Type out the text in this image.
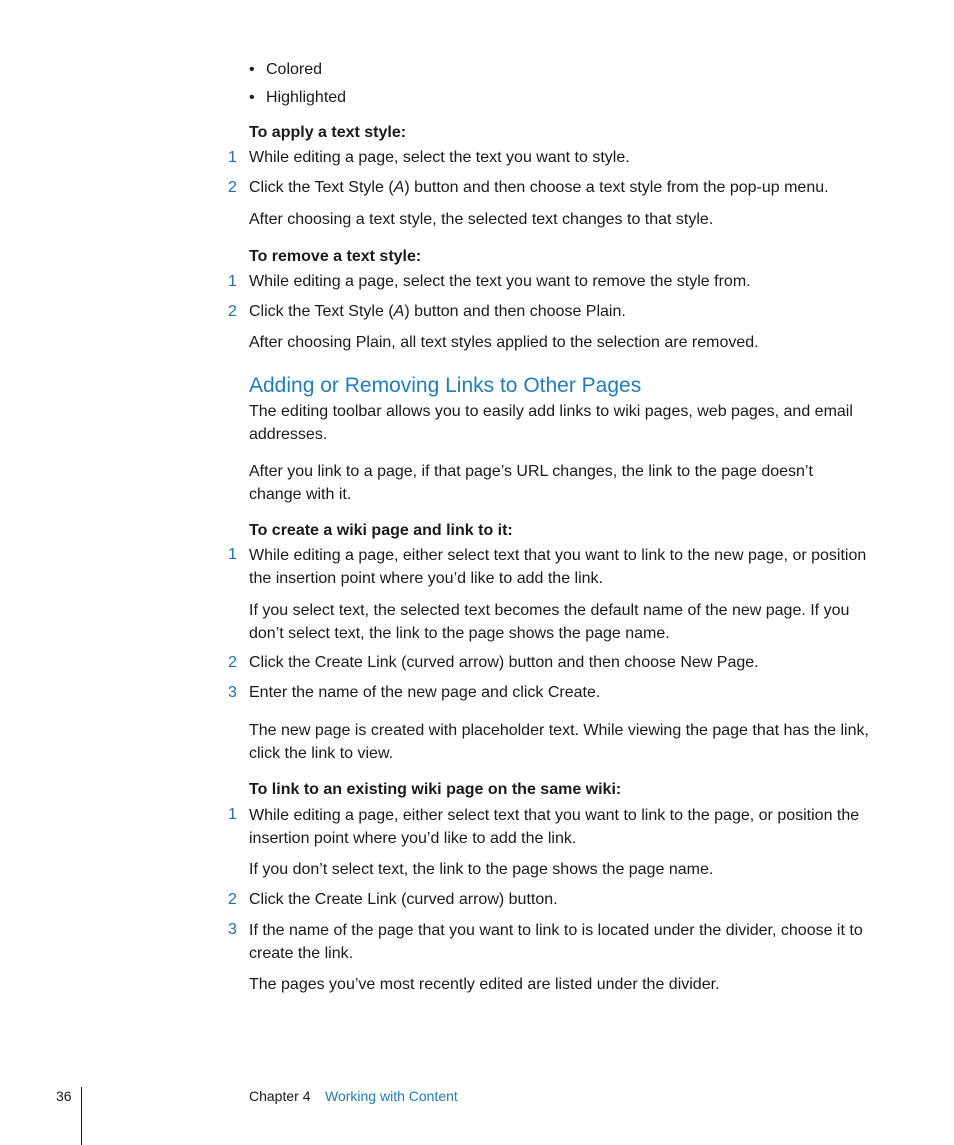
• Colored
• Highlighted
To apply a text style:
1 While editing a page, select the text you want to style.
2 Click the Text Style (A) button and then choose a text style from the pop-up menu.
After choosing a text style, the selected text changes to that style.
To remove a text style:
1 While editing a page, select the text you want to remove the style from.
2 Click the Text Style (A) button and then choose Plain.
After choosing Plain, all text styles applied to the selection are removed.
Adding or Removing Links to Other Pages
The editing toolbar allows you to easily add links to wiki pages, web pages, and email addresses.
After you link to a page, if that page’s URL changes, the link to the page doesn’t change with it.
To create a wiki page and link to it:
1 While editing a page, either select text that you want to link to the new page, or position the insertion point where you’d like to add the link.
If you select text, the selected text becomes the default name of the new page. If you don’t select text, the link to the page shows the page name.
2 Click the Create Link (curved arrow) button and then choose New Page.
3 Enter the name of the new page and click Create.
The new page is created with placeholder text. While viewing the page that has the link, click the link to view.
To link to an existing wiki page on the same wiki:
1 While editing a page, either select text that you want to link to the page, or position the insertion point where you’d like to add the link.
If you don’t select text, the link to the page shows the page name.
2 Click the Create Link (curved arrow) button.
3 If the name of the page that you want to link to is located under the divider, choose it to create the link.
The pages you’ve most recently edited are listed under the divider.
36	Chapter 4 Working with Content
